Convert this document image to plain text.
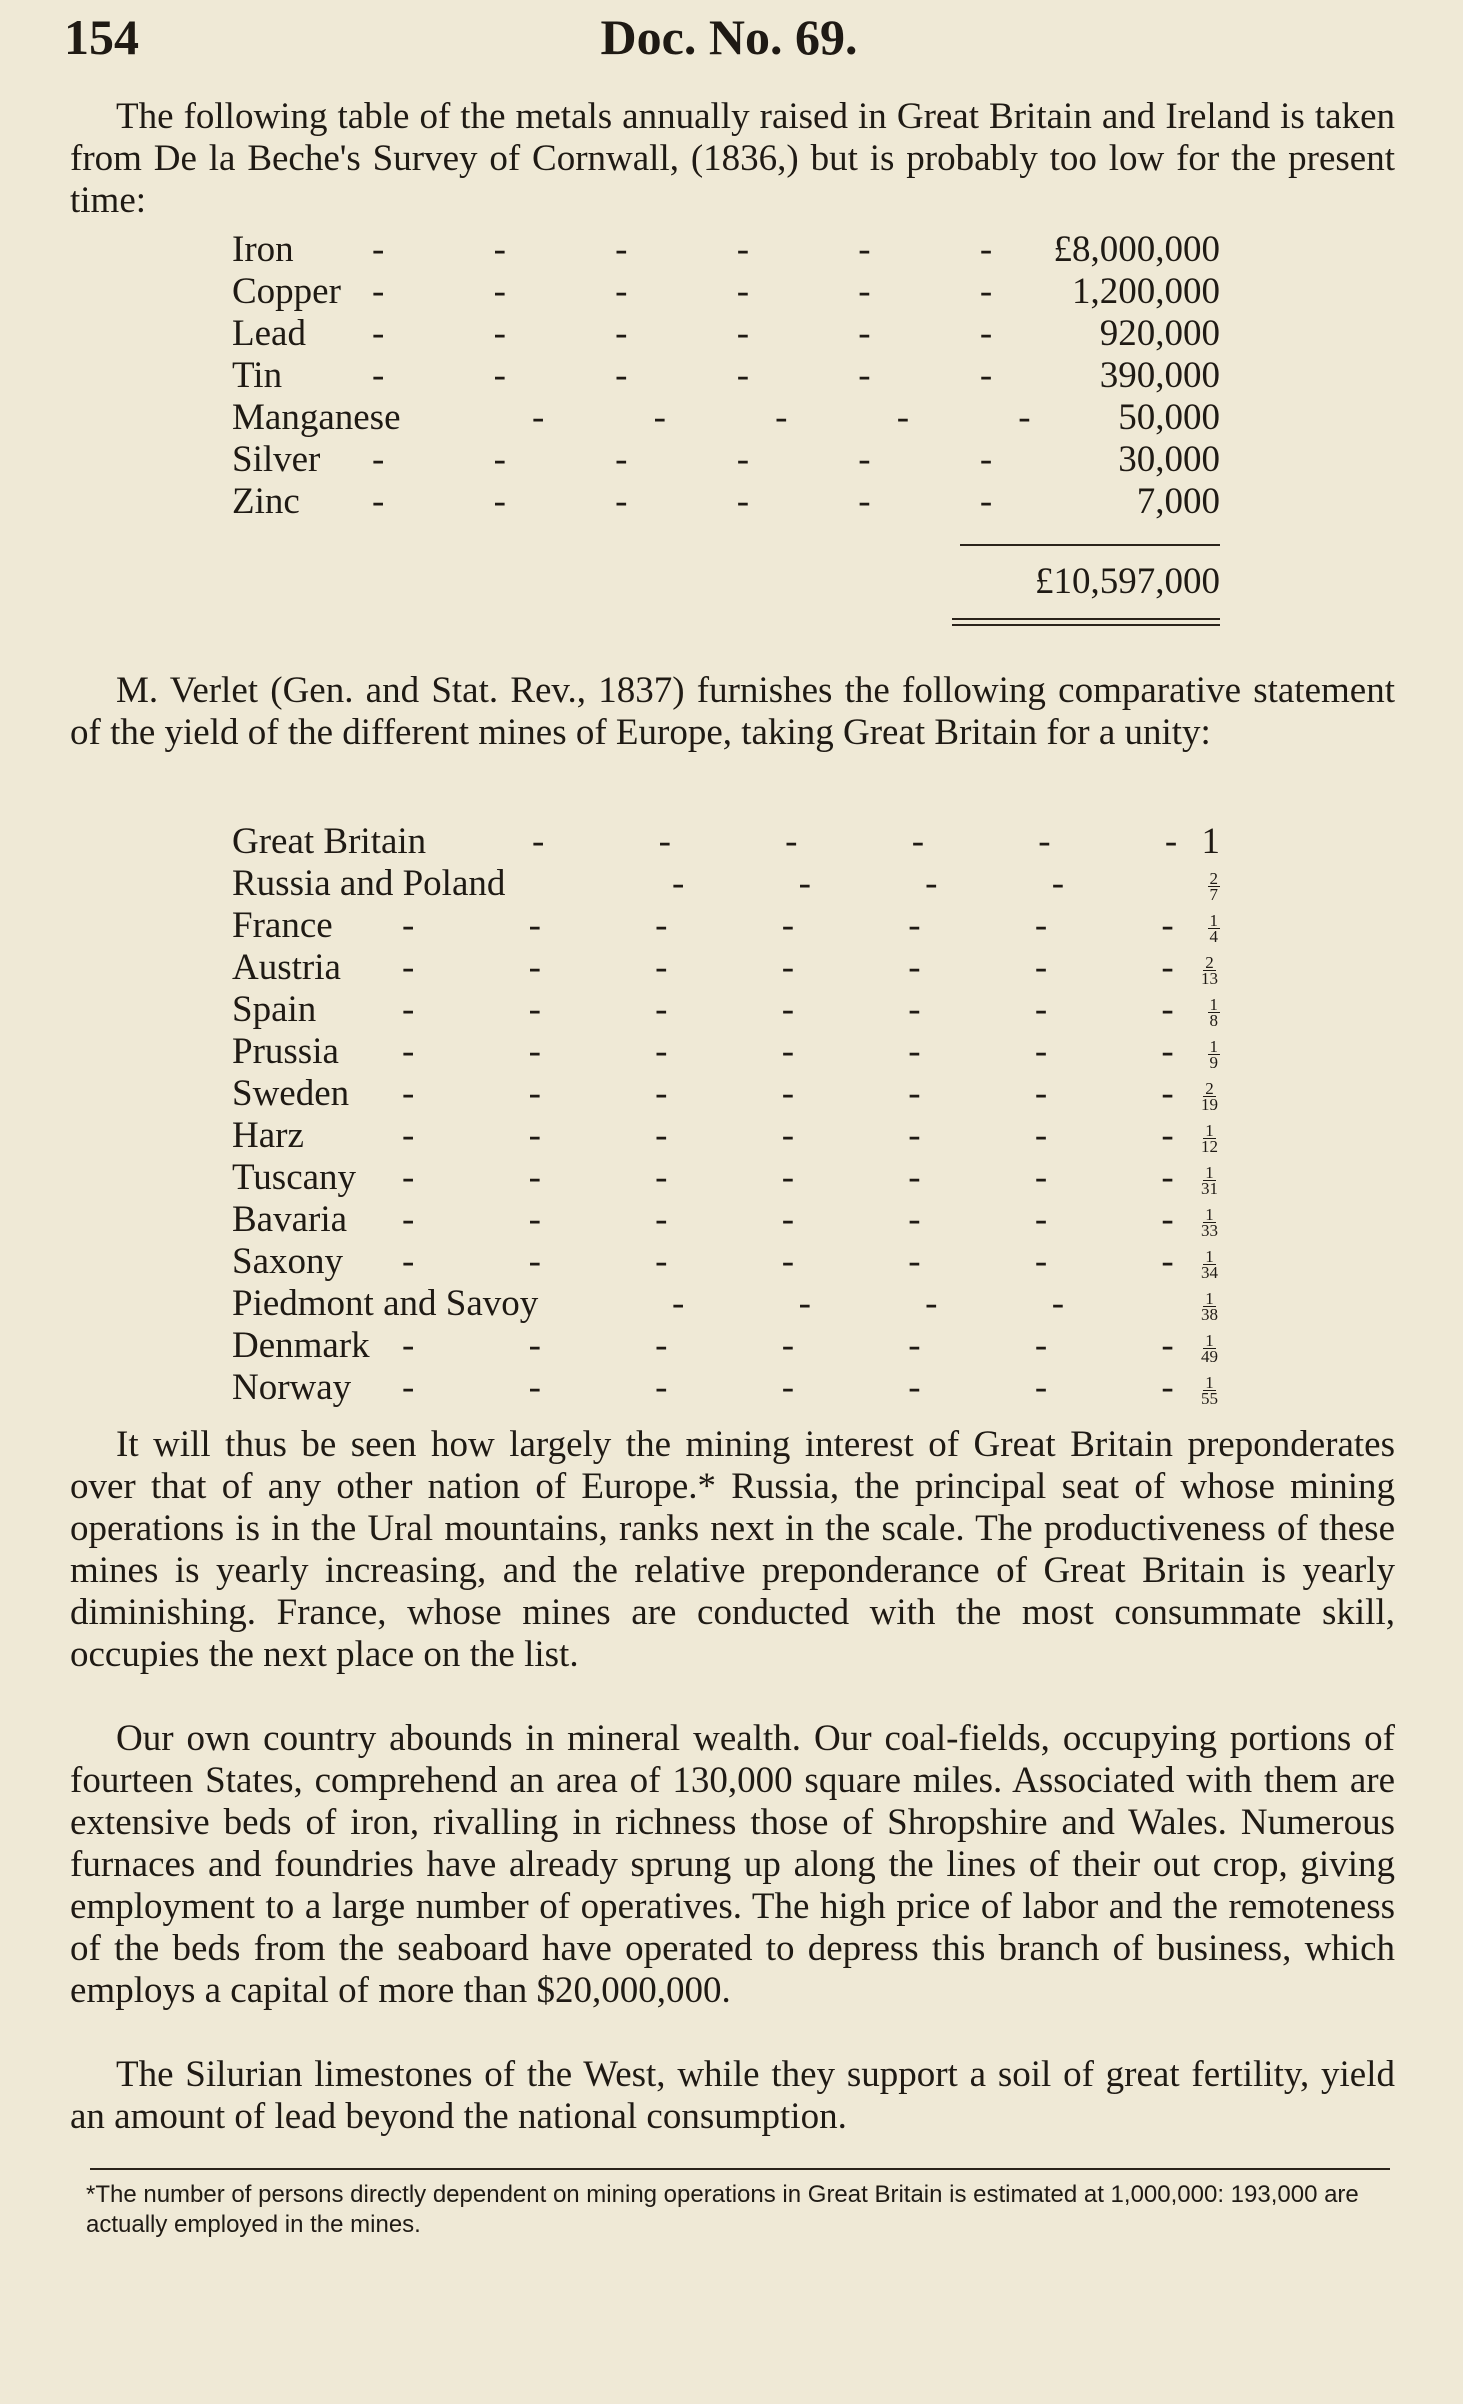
154	Doc. No. 69.

The following table of the metals annually raised in Great Britain and Ireland is taken from De la Beche's Survey of Cornwall, (1836,) but is probably too low for the present time:

Iron - - - - - -	£8,000,000
Copper - - - - - -	1,200,000
Lead - - - - - -	920,000
Tin - - - - - -	390,000
Manganese	- - - - -	50,000
Silver - - - - - -	30,000
Zinc - - - - - -	7,000
£10,597,000

M. Verlet (Gen. and Stat. Rev., 1837) furnishes the following comparative statement of the yield of the different mines of Europe, taking Great Britain for a unity:

Great Britain	- - - - - - 1
Russia and Poland	- - - -	$\frac{2}{7}$
France - - - - - - - $\frac{1}{4}$
Austria - - - - - - - $\frac{2}{13}$
Spain - - - - - - - $\frac{1}{8}$
Prussia - - - - - - - $\frac{1}{9}$
Sweden - - - - - - - $\frac{2}{19}$
Harz	- - - - - - - $\frac{1}{12}$
Tuscany - - - - - - - $\frac{1}{31}$
Bavaria - - - - - - - $\frac{1}{33}$
Saxony - - - - - - - $\frac{1}{34}$
Piedmont and Savoy	- - - -	$\frac{1}{38}$
Denmark - - - - - - - $\frac{1}{49}$
Norway - - - - - - - $\frac{1}{55}$

It will thus be seen how largely the mining interest of Great Britain preponderates over that of any other nation of Europe.* Russia, the principal seat of whose mining operations is in the Ural mountains, ranks next in the scale. The productiveness of these mines is yearly increasing, and the relative preponderance of Great Britain is yearly diminishing. France, whose mines are conducted with the most consummate skill, occupies the next place on the list.

Our own country abounds in mineral wealth. Our coal-fields, occupying portions of fourteen States, comprehend an area of 130,000 square miles. Associated with them are extensive beds of iron, rivalling in richness those of Shropshire and Wales. Numerous furnaces and foundries have already sprung up along the lines of their out crop, giving employment to a large number of operatives. The high price of labor and the remoteness of the beds from the seaboard have operated to depress this branch of business, which employs a capital of more than $20,000,000.

The Silurian limestones of the West, while they support a soil of great fertility, yield an amount of lead beyond the national consumption.

*The number of persons directly dependent on mining operations in Great Britain is estimated at 1,000,000: 193,000 are actually employed in the mines.
